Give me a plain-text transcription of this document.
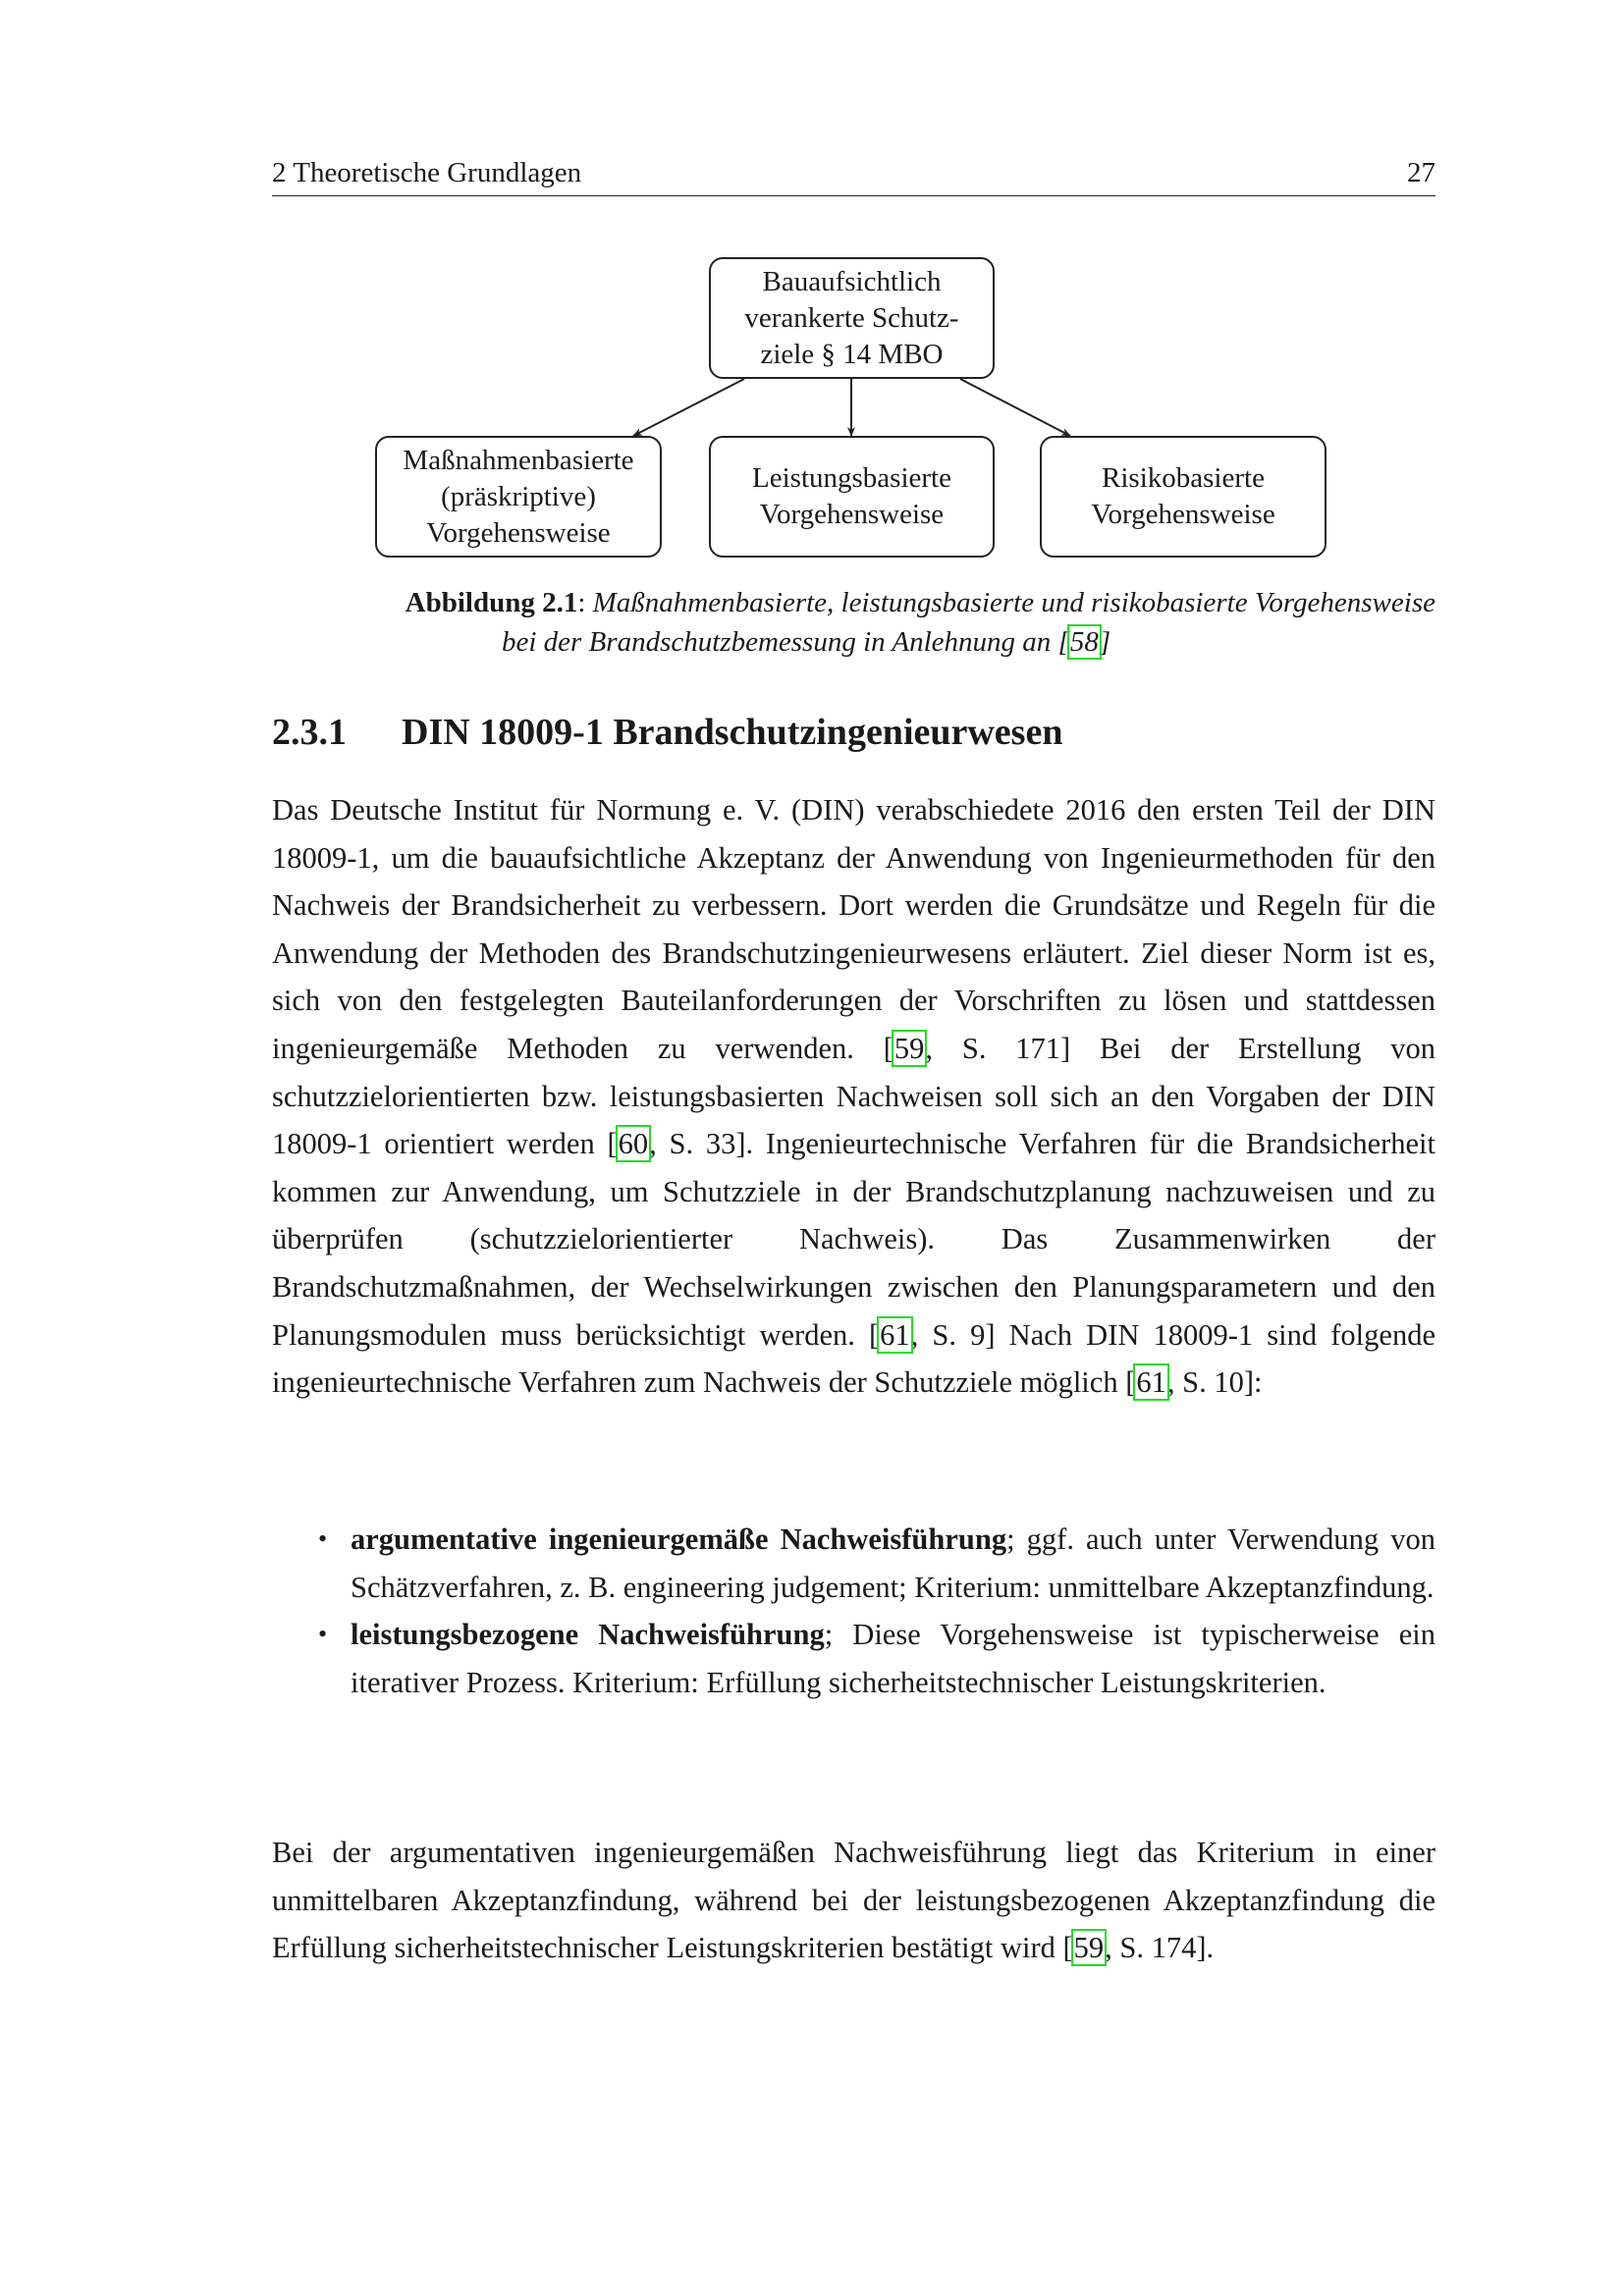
2 Theoretische Grundlagen	27
Bauaufsichtlich
verankerte Schutz-
ziele § 14 MBO
Maßnahmenbasierte
(präskriptive)
Vorgehensweise
Leistungsbasierte
Vorgehensweise
Risikobasierte
Vorgehensweise
Abbildung 2.1: Maßnahmenbasierte, leistungsbasierte und risikobasierte Vorgehensweise
bei der Brandschutzbemessung in Anlehnung an [58]
2.3.1 DIN 18009-1 Brandschutzingenieurwesen
Das Deutsche Institut für Normung e. V. (DIN) verabschiedete 2016 den ersten Teil der DIN 18009-1, um die bauaufsichtliche Akzeptanz der Anwendung von Ingenieurmethoden für den Nachweis der Brandsicherheit zu verbessern. Dort werden die Grundsätze und Regeln für die Anwendung der Methoden des Brandschutzingenieurwesens erläutert. Ziel dieser Norm ist es, sich von den festgelegten Bauteilanforderungen der Vorschriften zu lösen und stattdessen ingenieurgemäße Methoden zu verwenden. [59, S. 171] Bei der Erstellung von schutzzielorientierten bzw. leistungsbasierten Nachweisen soll sich an den Vorgaben der DIN 18009-1 orientiert werden [60, S. 33]. Ingenieurtechnische Verfahren für die Brandsicherheit kommen zur Anwendung, um Schutzziele in der Brandschutzplanung nachzuweisen und zu überprüfen (schutzzielorientierter Nachweis). Das Zusammenwirken der Brandschutzmaßnahmen, der Wechselwirkungen zwischen den Planungsparametern und den Planungsmodulen muss berücksichtigt werden. [61, S. 9] Nach DIN 18009-1 sind folgende ingenieurtechnische Verfahren zum Nachweis der Schutzziele möglich [61, S. 10]:
• argumentative ingenieurgemäße Nachweisführung; ggf. auch unter Verwendung von Schätzverfahren, z. B. engineering judgement; Kriterium: unmittelbare Akzeptanzfindung.
• leistungsbezogene Nachweisführung; Diese Vorgehensweise ist typischerweise ein iterativer Prozess. Kriterium: Erfüllung sicherheitstechnischer Leistungskriterien.
Bei der argumentativen ingenieurgemäßen Nachweisführung liegt das Kriterium in einer unmittelbaren Akzeptanzfindung, während bei der leistungsbezogenen Akzeptanzfindung die Erfüllung sicherheitstechnischer Leistungskriterien bestätigt wird [59, S. 174].
